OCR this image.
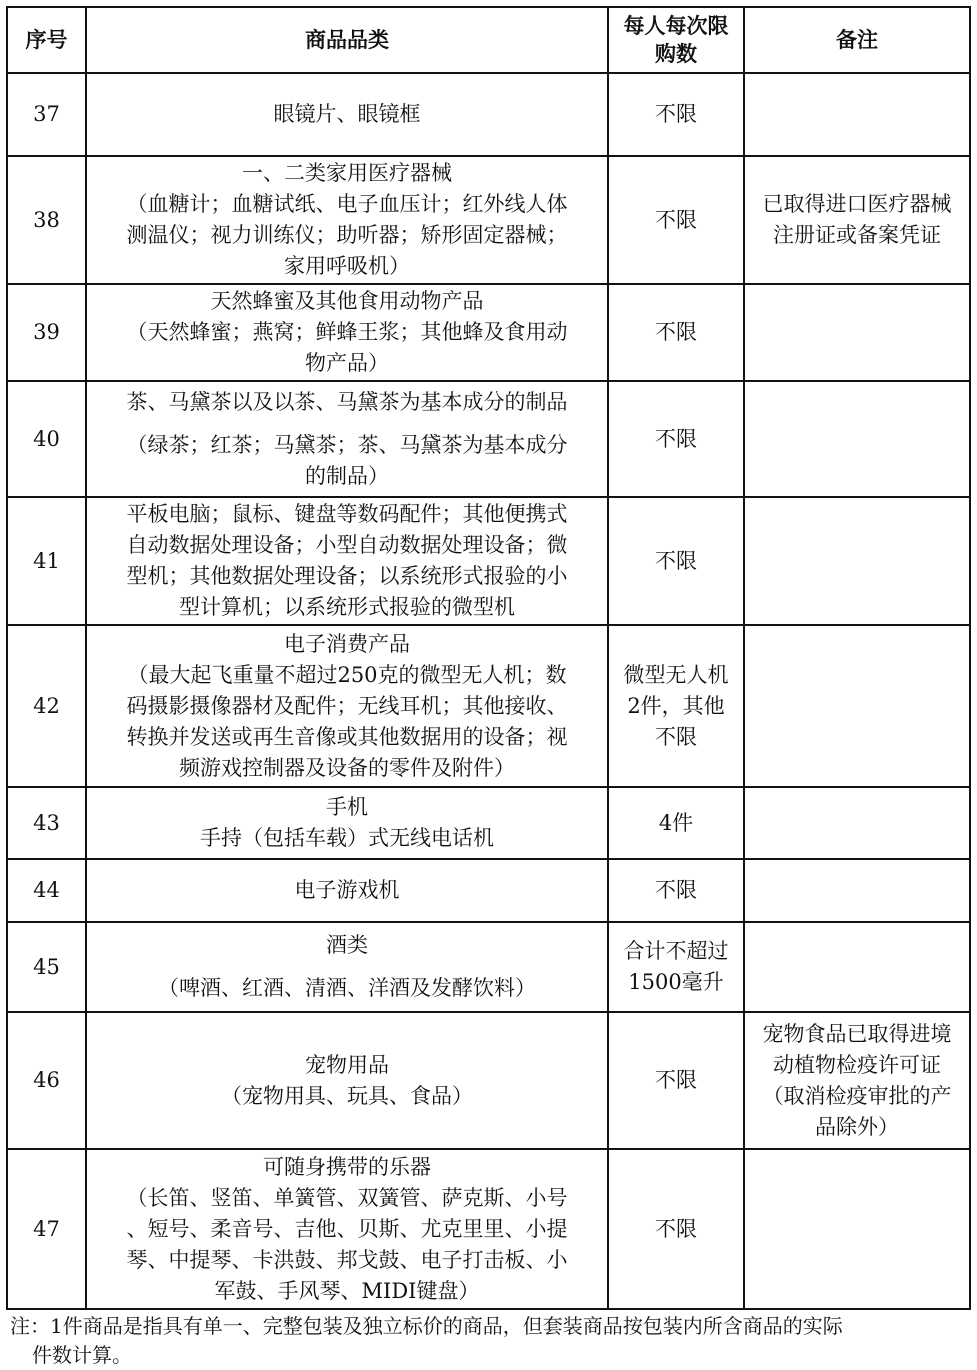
序号	商品品类	每人每次限
购数	备注
37	眼镜片、眼镜框	不限	

38	一、二类家用医疗器械
（血糖计；血糖试纸、电子血压计；红外线人体
测温仪；视力训练仪；助听器；矫形固定器械；
家用呼吸机）	不限	已取得进口医疗器械
注册证或备案凭证

39	天然蜂蜜及其他食用动物产品
（天然蜂蜜；燕窝；鲜蜂王浆；其他蜂及食用动
物产品）	不限	

40	茶、马黛茶以及以茶、马黛茶为基本成分的制品
（绿茶；红茶；马黛茶；茶、马黛茶为基本成分
的制品）	不限	

41	平板电脑；鼠标、键盘等数码配件；其他便携式
自动数据处理设备；小型自动数据处理设备；微
型机；其他数据处理设备；以系统形式报验的小
型计算机；以系统形式报验的微型机	不限	

42	电子消费产品
（最大起飞重量不超过250克的微型无人机；数
码摄影摄像器材及配件；无线耳机；其他接收、
转换并发送或再生音像或其他数据用的设备；视
频游戏控制器及设备的零件及附件）	微型无人机
2件，其他
不限	

43	手机
手持（包括车载）式无线电话机	4件	

44	电子游戏机	不限	

45	酒类
（啤酒、红酒、清酒、洋酒及发酵饮料）	合计不超过
1500毫升	

46	宠物用品
（宠物用具、玩具、食品）	不限	宠物食品已取得进境
动植物检疫许可证
（取消检疫审批的产
品除外）

47	可随身携带的乐器
（长笛、竖笛、单簧管、双簧管、萨克斯、小号
、短号、柔音号、吉他、贝斯、尤克里里、小提
琴、中提琴、卡洪鼓、邦戈鼓、电子打击板、小
军鼓、手风琴、MIDI键盘）	不限	

注：1件商品是指具有单一、完整包装及独立标价的商品，但套装商品按包装内所含商品的实际
件数计算。
